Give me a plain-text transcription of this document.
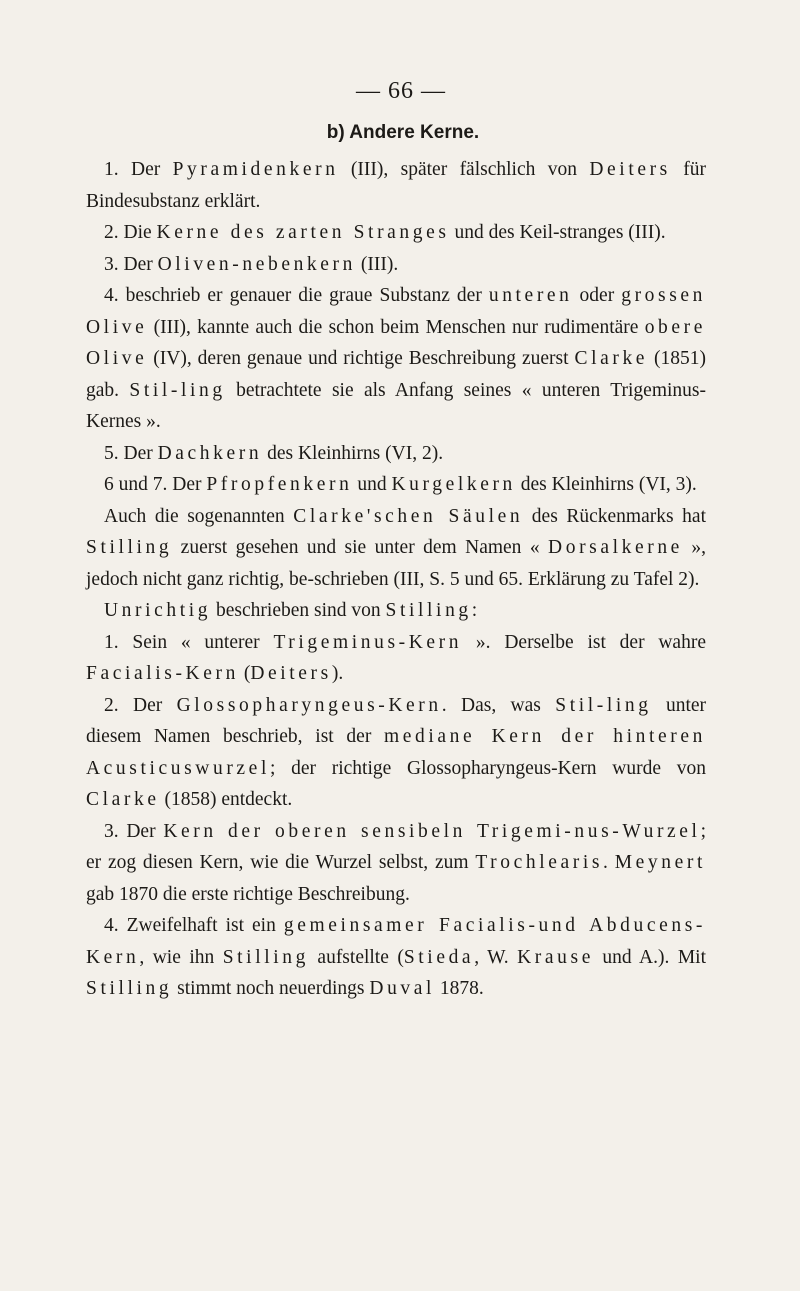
— 66 —
b) Andere Kerne.

1. Der Pyramidenkern (III), später fälschlich von Deiters für Bindesubstanz erklärt.

2. Die Kerne des zarten Stranges und des Keil-stranges (III).

3. Der Oliven-nebenkern (III).

4. beschrieb er genauer die graue Substanz der unteren oder grossen Olive (III), kannte auch die schon beim Menschen nur rudimentäre obere Olive (IV), deren genaue und richtige Beschreibung zuerst Clarke (1851) gab. Stil-ling betrachtete sie als Anfang seines « unteren Trigeminus-Kernes ».

5. Der Dachkern des Kleinhirns (VI, 2).

6 und 7. Der Pfropfenkern und Kurgelkern des Kleinhirns (VI, 3).

Auch die sogenannten Clarke'schen Säulen des Rückenmarks hat Stilling zuerst gesehen und sie unter dem Namen « Dorsalkerne », jedoch nicht ganz richtig, be-schrieben (III, S. 5 und 65. Erklärung zu Tafel 2).

Unrichtig beschrieben sind von Stilling:

1. Sein « unterer Trigeminus-Kern ». Derselbe ist der wahre Facialis-Kern (Deiters).

2. Der Glossopharyngeus-Kern. Das, was Stil-ling unter diesem Namen beschrieb, ist der mediane Kern der hinteren Acusticuswurzel; der richtige Glossopharyngeus-Kern wurde von Clarke (1858) entdeckt.

3. Der Kern der oberen sensibeln Trigemi-nus-Wurzel; er zog diesen Kern, wie die Wurzel selbst, zum Trochlearis. Meynert gab 1870 die erste richtige Beschreibung.

4. Zweifelhaft ist ein gemeinsamer Facialis-und Abducens-Kern, wie ihn Stilling aufstellte (Stieda, W. Krause und A.). Mit Stilling stimmt noch neuerdings Duval 1878.
